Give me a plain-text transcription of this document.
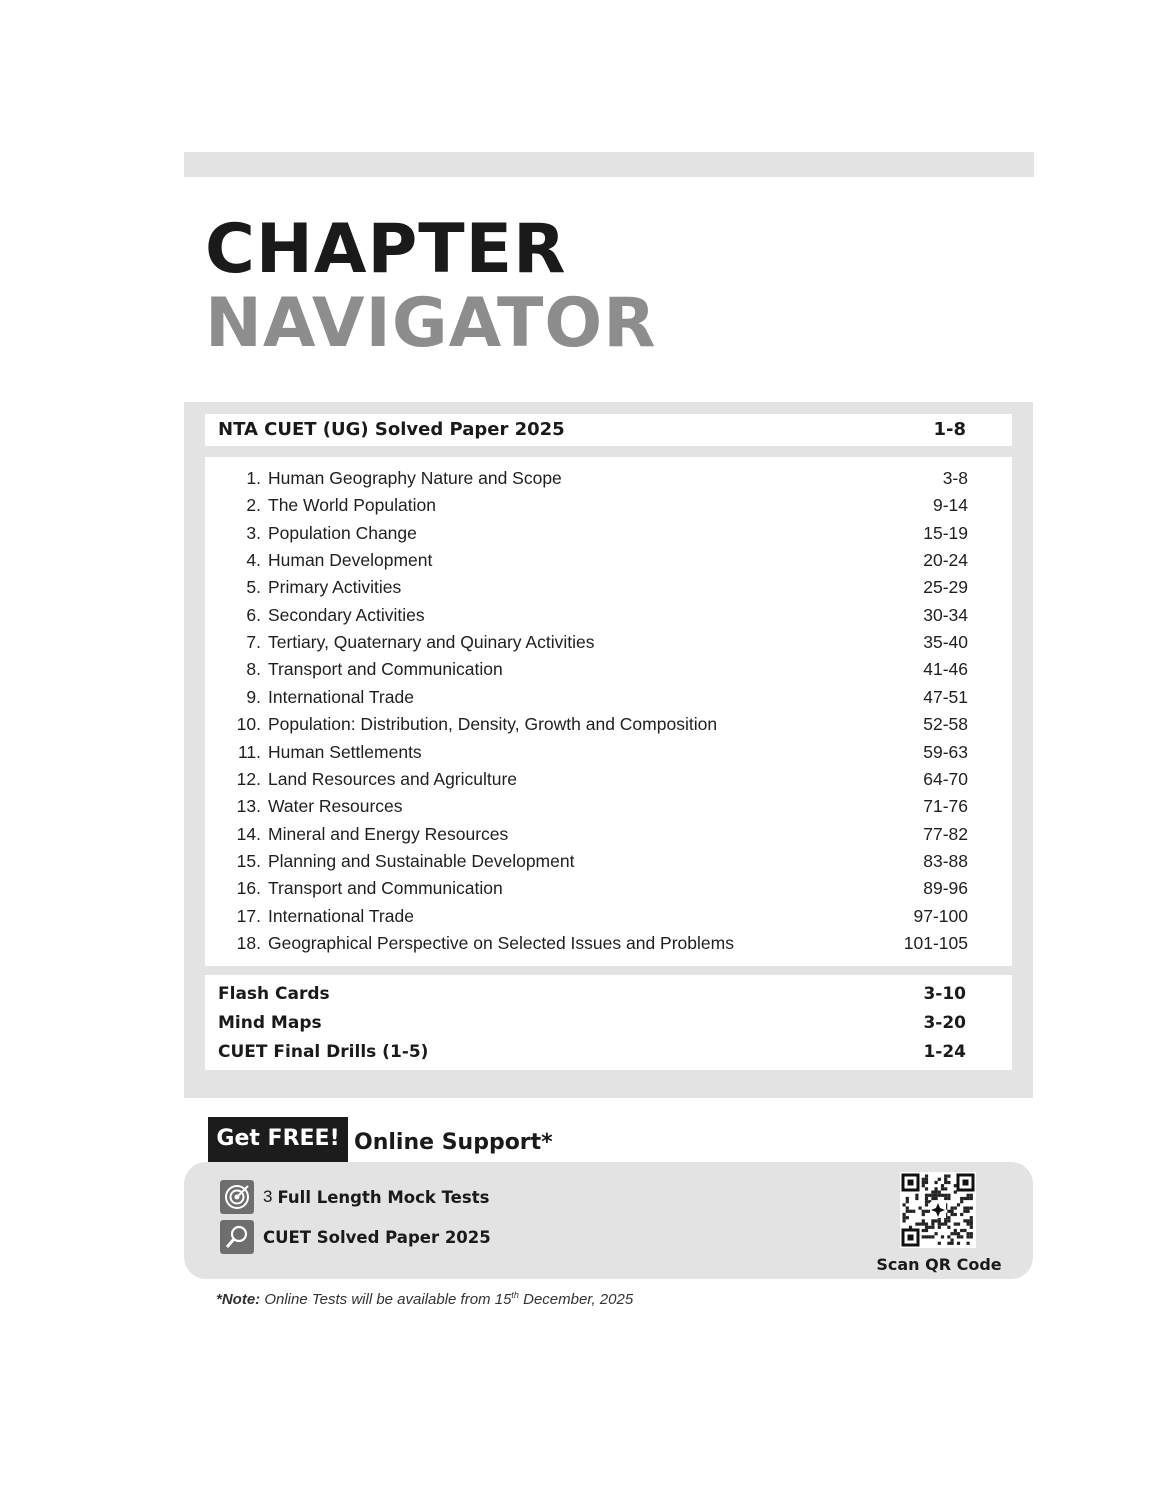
CHAPTER
NAVIGATOR
NTA CUET (UG) Solved Paper 2025	1-8
1. Human Geography Nature and Scope	3-8
2. The World Population	9-14
3. Population Change	15-19
4. Human Development	20-24
5. Primary Activities	25-29
6. Secondary Activities	30-34
7. Tertiary, Quaternary and Quinary Activities	35-40
8. Transport and Communication	41-46
9. International Trade	47-51
10. Population: Distribution, Density, Growth and Composition	52-58
11. Human Settlements	59-63
12. Land Resources and Agriculture	64-70
13. Water Resources	71-76
14. Mineral and Energy Resources	77-82
15. Planning and Sustainable Development	83-88
16. Transport and Communication	89-96
17. International Trade	97-100
18. Geographical Perspective on Selected Issues and Problems	101-105
Flash Cards	3-10
Mind Maps	3-20
CUET Final Drills (1-5)	1-24
Get FREE! Online Support*
3 Full Length Mock Tests
CUET Solved Paper 2025
Scan QR Code
*Note: Online Tests will be available from 15th December, 2025
